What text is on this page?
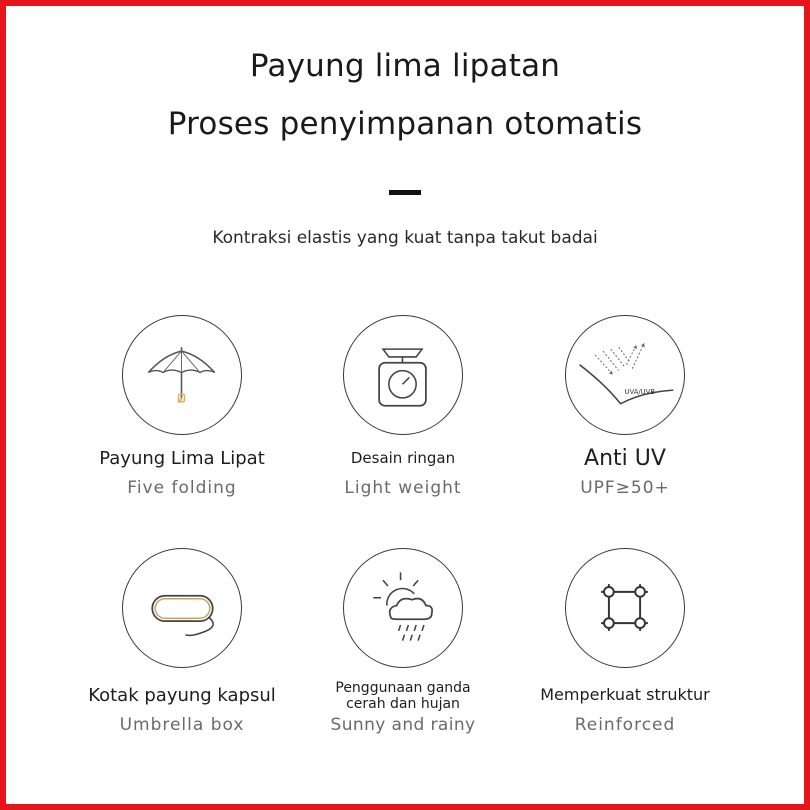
Payung lima lipatan
Proses penyimpanan otomatis
Kontraksi elastis yang kuat tanpa takut badai
Payung Lima Lipat
Five folding
Desain ringan
Light weight
UVA/UVB
Anti UV
UPF≥50+
Kotak payung kapsul
Umbrella box
Penggunaan ganda cerah dan hujan
Sunny and rainy
Memperkuat struktur
Reinforced
